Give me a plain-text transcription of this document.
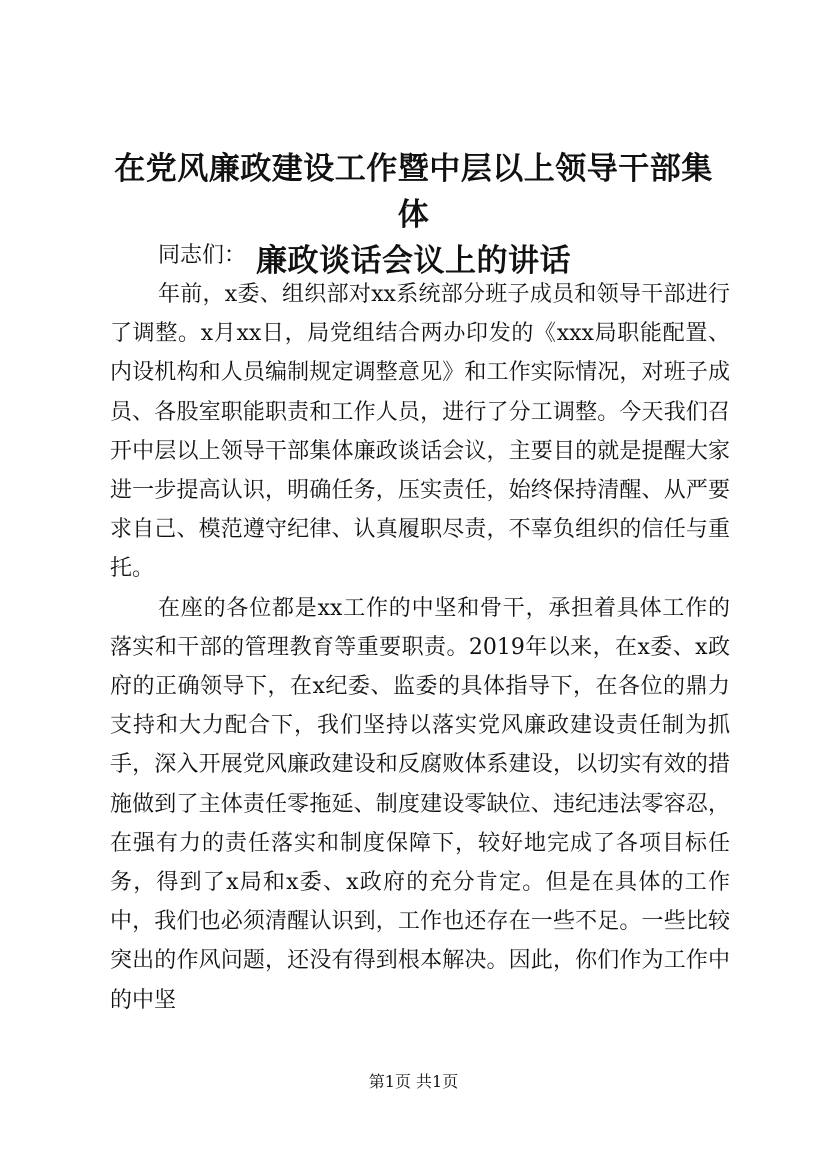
在党风廉政建设工作暨中层以上领导干部集体
廉政谈话会议上的讲话

同志们：

年前，x委、组织部对xx系统部分班子成员和领导干部进行了调整。x月xx日，局党组结合两办印发的《xxx局职能配置、内设机构和人员编制规定调整意见》和工作实际情况，对班子成员、各股室职能职责和工作人员，进行了分工调整。今天我们召开中层以上领导干部集体廉政谈话会议，主要目的就是提醒大家进一步提高认识，明确任务，压实责任，始终保持清醒、从严要求自己、模范遵守纪律、认真履职尽责，不辜负组织的信任与重托。

在座的各位都是xx工作的中坚和骨干，承担着具体工作的落实和干部的管理教育等重要职责。2019年以来，在x委、x政府的正确领导下，在x纪委、监委的具体指导下，在各位的鼎力支持和大力配合下，我们坚持以落实党风廉政建设责任制为抓手，深入开展党风廉政建设和反腐败体系建设，以切实有效的措施做到了主体责任零拖延、制度建设零缺位、违纪违法零容忍，在强有力的责任落实和制度保障下，较好地完成了各项目标任务，得到了x局和x委、x政府的充分肯定。但是在具体的工作中，我们也必须清醒认识到，工作也还存在一些不足。一些比较突出的作风问题，还没有得到根本解决。因此，你们作为工作中的中坚

第1页 共1页
